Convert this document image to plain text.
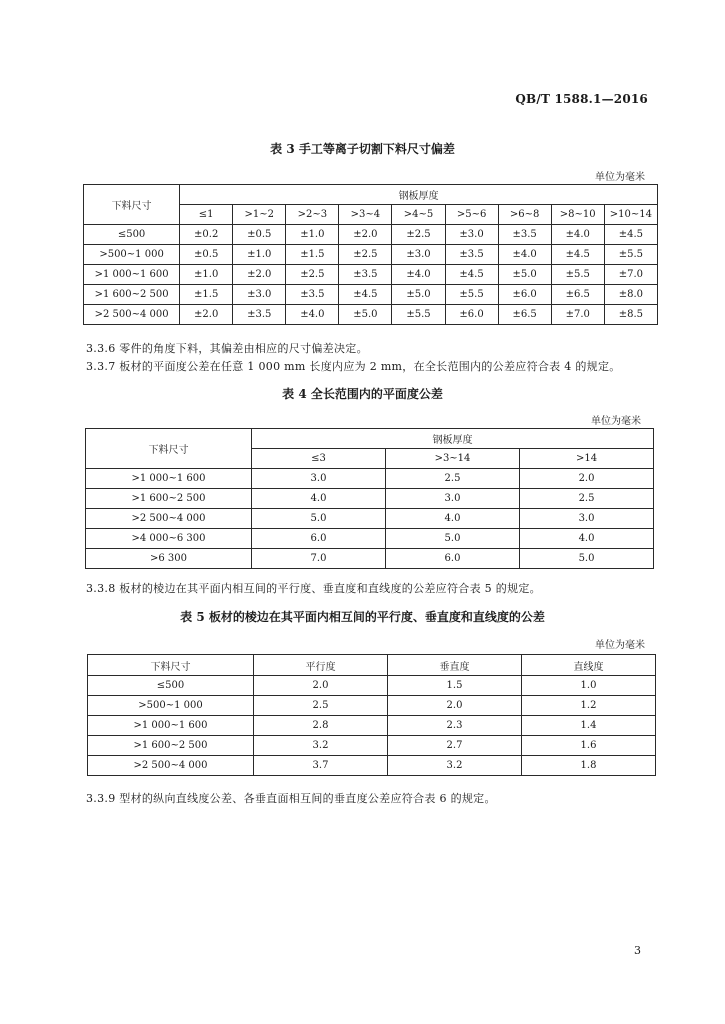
QB/T 1588.1—2016
表 3 手工等离子切割下料尺寸偏差
单位为毫米
下料尺寸	钢板厚度								
	≤1	>1~2	>2~3	>3~4	>4~5	>5~6	>6~8	>8~10	>10~14
≤500	±0.2	±0.5	±1.0	±2.0	±2.5	±3.0	±3.5	±4.0	±4.5
>500~1 000	±0.5	±1.0	±1.5	±2.5	±3.0	±3.5	±4.0	±4.5	±5.5
>1 000~1 600	±1.0	±2.0	±2.5	±3.5	±4.0	±4.5	±5.0	±5.5	±7.0
>1 600~2 500	±1.5	±3.0	±3.5	±4.5	±5.0	±5.5	±6.0	±6.5	±8.0
>2 500~4 000	±2.0	±3.5	±4.0	±5.0	±5.5	±6.0	±6.5	±7.0	±8.5
3.3.6 零件的角度下料，其偏差由相应的尺寸偏差决定。
3.3.7 板材的平面度公差在任意 1 000 mm 长度内应为 2 mm，在全长范围内的公差应符合表 4 的规定。
表 4 全长范围内的平面度公差
单位为毫米
下料尺寸	钢板厚度		
	≤3	>3~14	>14
>1 000~1 600	3.0	2.5	2.0
>1 600~2 500	4.0	3.0	2.5
>2 500~4 000	5.0	4.0	3.0
>4 000~6 300	6.0	5.0	4.0
>6 300	7.0	6.0	5.0
3.3.8 板材的棱边在其平面内相互间的平行度、垂直度和直线度的公差应符合表 5 的规定。
表 5 板材的棱边在其平面内相互间的平行度、垂直度和直线度的公差
单位为毫米
下料尺寸	平行度	垂直度	直线度
≤500	2.0	1.5	1.0
>500~1 000	2.5	2.0	1.2
>1 000~1 600	2.8	2.3	1.4
>1 600~2 500	3.2	2.7	1.6
>2 500~4 000	3.7	3.2	1.8
3.3.9 型材的纵向直线度公差、各垂直面相互间的垂直度公差应符合表 6 的规定。
3
